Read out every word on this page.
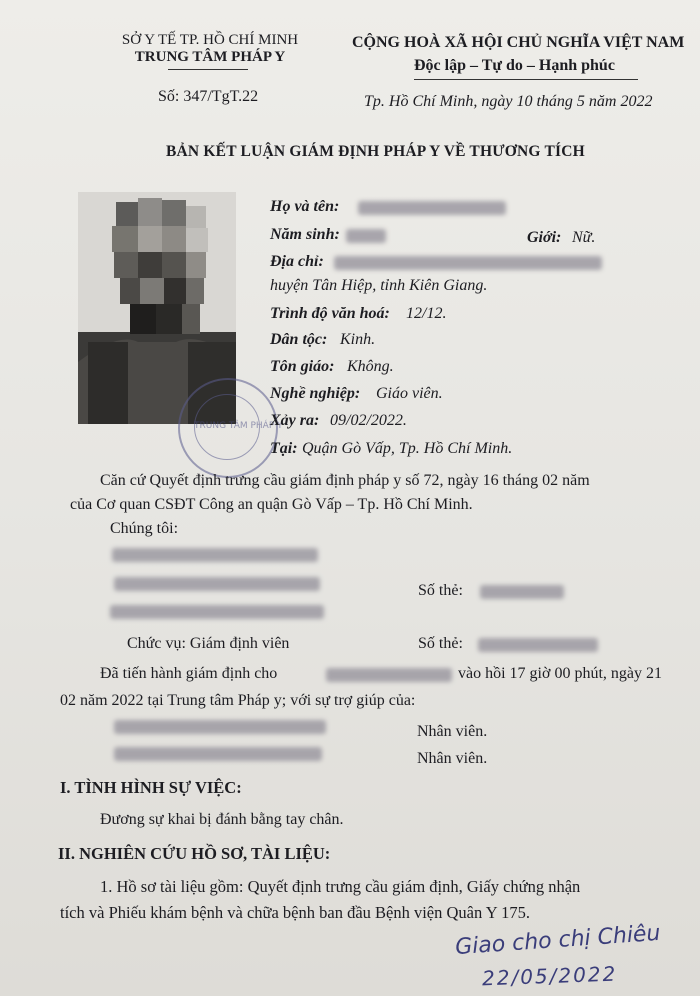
SỞ Y TẾ TP. HỒ CHÍ MINH
TRUNG TÂM PHÁP Y
Số: 347/TgT.22
CỘNG HOÀ XÃ HỘI CHỦ NGHĨA VIỆT NAM
Độc lập – Tự do – Hạnh phúc
Tp. Hồ Chí Minh, ngày 10 tháng 5 năm 2022
BẢN KẾT LUẬN GIÁM ĐỊNH PHÁP Y VỀ THƯƠNG TÍCH
TRUNG TÂM PHÁP Y
Họ và tên:
Năm sinh:	Giới: Nữ.
Địa chỉ:
huyện Tân Hiệp, tỉnh Kiên Giang.
Trình độ văn hoá: 12/12.
Dân tộc: Kinh.
Tôn giáo: Không.
Nghề nghiệp: Giáo viên.
Xảy ra: 09/02/2022.
Tại: Quận Gò Vấp, Tp. Hồ Chí Minh.
Căn cứ Quyết định trưng cầu giám định pháp y số 72, ngày 16 tháng 02 năm
của Cơ quan CSĐT Công an quận Gò Vấp – Tp. Hồ Chí Minh.
Chúng tôi:
Số thẻ:
Chức vụ: Giám định viên	Số thẻ:
Đã tiến hành giám định cho	vào hồi 17 giờ 00 phút, ngày 21
02 năm 2022 tại Trung tâm Pháp y; với sự trợ giúp của:
Nhân viên.
Nhân viên.
I. TÌNH HÌNH SỰ VIỆC:
Đương sự khai bị đánh bằng tay chân.
II. NGHIÊN CỨU HỒ SƠ, TÀI LIỆU:
1. Hồ sơ tài liệu gồm: Quyết định trưng cầu giám định, Giấy chứng nhận
tích và Phiếu khám bệnh và chữa bệnh ban đầu Bệnh viện Quân Y 175.
Giao cho chị Chiêu
22/05/2022
